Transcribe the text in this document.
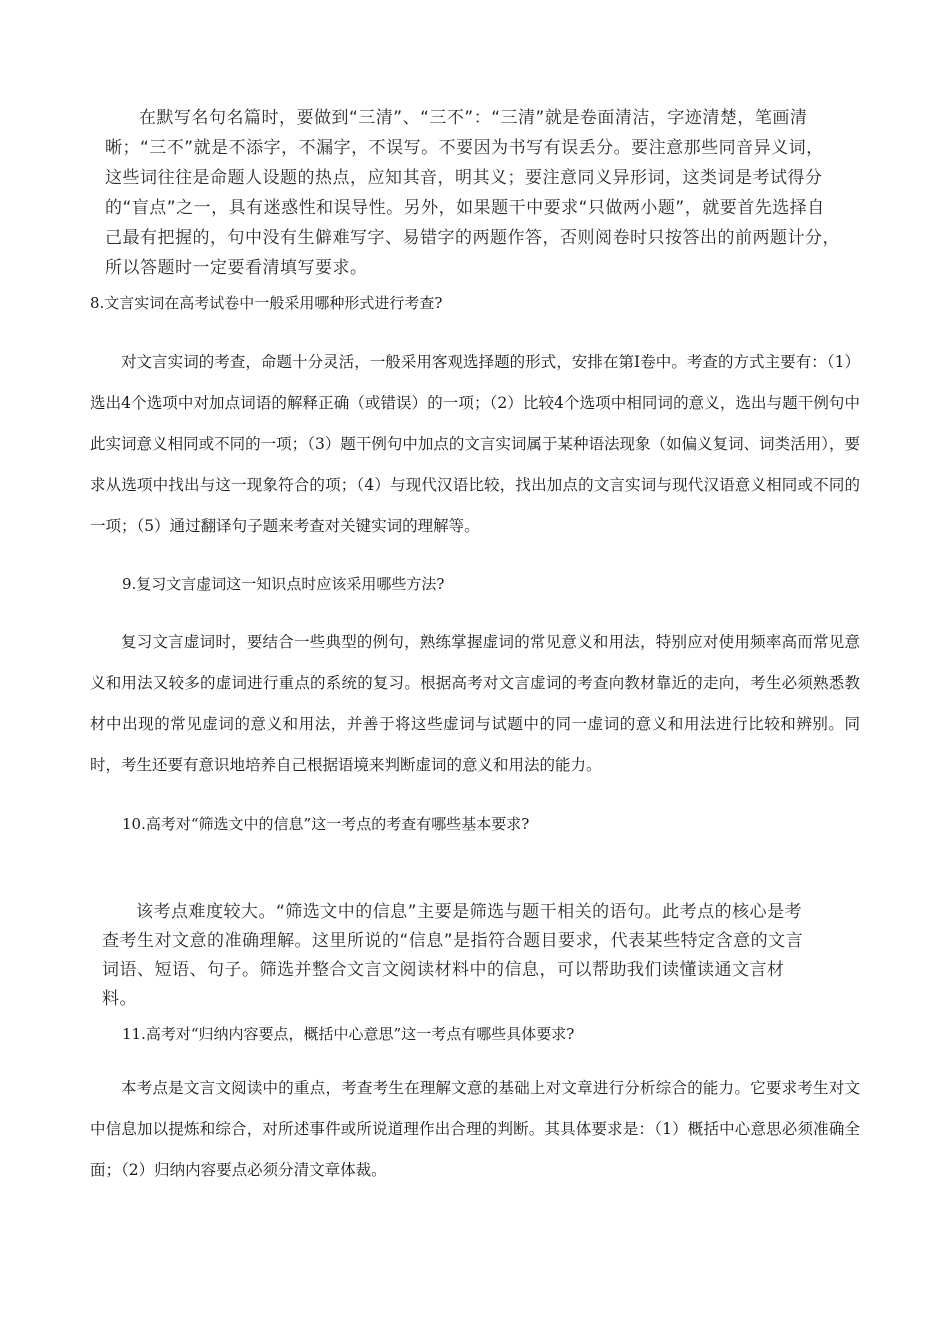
在默写名句名篇时，要做到“三清”、“三不”：“三清”就是卷面清洁，字迹清楚，笔画清晰；“三不”就是不添字，不漏字，不误写。不要因为书写有误丢分。要注意那些同音异义词，这些词往往是命题人设题的热点，应知其音，明其义；要注意同义异形词，这类词是考试得分的“盲点”之一，具有迷惑性和误导性。另外，如果题干中要求“只做两小题”，就要首先选择自己最有把握的，句中没有生僻难写字、易错字的两题作答，否则阅卷时只按答出的前两题计分，所以答题时一定要看清填写要求。

8.文言实词在高考试卷中一般采用哪种形式进行考查?

对文言实词的考查，命题十分灵活，一般采用客观选择题的形式，安排在第Ⅰ卷中。考查的方式主要有：（1）选出4个选项中对加点词语的解释正确（或错误）的一项；（2）比较4个选项中相同词的意义，选出与题干例句中此实词意义相同或不同的一项；（3）题干例句中加点的文言实词属于某种语法现象（如偏义复词、词类活用），要求从选项中找出与这一现象符合的项；（4）与现代汉语比较，找出加点的文言实词与现代汉语意义相同或不同的一项；（5）通过翻译句子题来考查对关键实词的理解等。

9.复习文言虚词这一知识点时应该采用哪些方法?

复习文言虚词时，要结合一些典型的例句，熟练掌握虚词的常见意义和用法，特别应对使用频率高而常见意义和用法又较多的虚词进行重点的系统的复习。根据高考对文言虚词的考查向教材靠近的走向，考生必须熟悉教材中出现的常见虚词的意义和用法，并善于将这些虚词与试题中的同一虚词的意义和用法进行比较和辨别。同时，考生还要有意识地培养自己根据语境来判断虚词的意义和用法的能力。

10.高考对“筛选文中的信息”这一考点的考查有哪些基本要求?

该考点难度较大。“筛选文中的信息”主要是筛选与题干相关的语句。此考点的核心是考查考生对文意的准确理解。这里所说的“信息”是指符合题目要求，代表某些特定含意的文言词语、短语、句子。筛选并整合文言文阅读材料中的信息，可以帮助我们读懂读通文言材料。

11.高考对“归纳内容要点，概括中心意思”这一考点有哪些具体要求?

本考点是文言文阅读中的重点，考查考生在理解文意的基础上对文章进行分析综合的能力。它要求考生对文中信息加以提炼和综合，对所述事件或所说道理作出合理的判断。其具体要求是：（1）概括中心意思必须准确全面；（2）归纳内容要点必须分清文章体裁。
